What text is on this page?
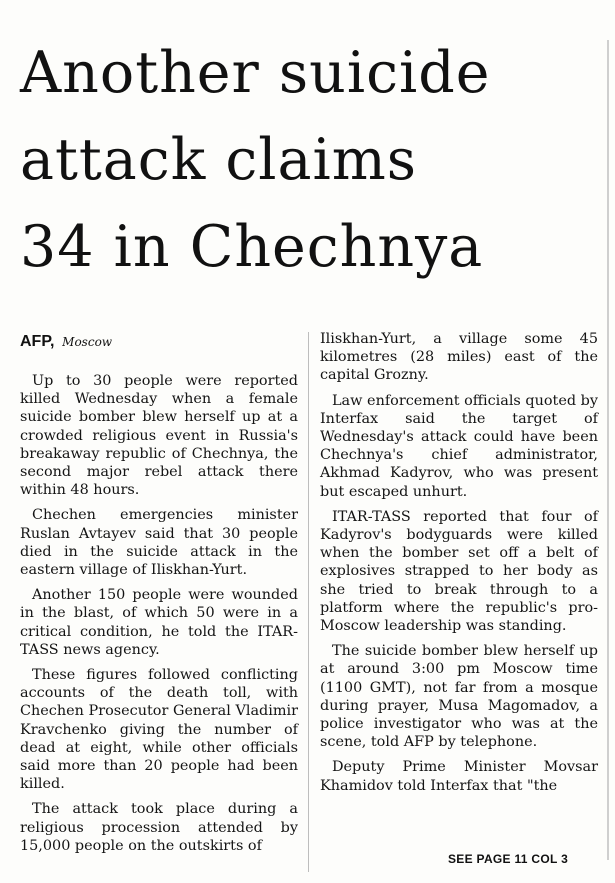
Another suicide
attack claims
34 in Chechnya
AFP, Moscow

Up to 30 people were reported killed Wednesday when a female suicide bomber blew herself up at a crowded religious event in Russia's breakaway republic of Chechnya, the second major rebel attack there within 48 hours.

Chechen emergencies minister Ruslan Avtayev said that 30 people died in the suicide attack in the eastern village of Iliskhan-Yurt.

Another 150 people were wounded in the blast, of which 50 were in a critical condition, he told the ITAR-TASS news agency.

These figures followed conflicting accounts of the death toll, with Chechen Prosecutor General Vladimir Kravchenko giving the number of dead at eight, while other officials said more than 20 people had been killed.

The attack took place during a religious procession attended by 15,000 people on the outskirts of

Iliskhan-Yurt, a village some 45 kilometres (28 miles) east of the capital Grozny.

Law enforcement officials quoted by Interfax said the target of Wednesday's attack could have been Chechnya's chief administrator, Akhmad Kadyrov, who was present but escaped unhurt.

ITAR-TASS reported that four of Kadyrov's bodyguards were killed when the bomber set off a belt of explosives strapped to her body as she tried to break through to a platform where the republic's pro-Moscow leadership was standing.

The suicide bomber blew herself up at around 3:00 pm Moscow time (1100 GMT), not far from a mosque during prayer, Musa Magomadov, a police investigator who was at the scene, told AFP by telephone.

Deputy Prime Minister Movsar Khamidov told Interfax that "the

SEE PAGE 11 COL 3
